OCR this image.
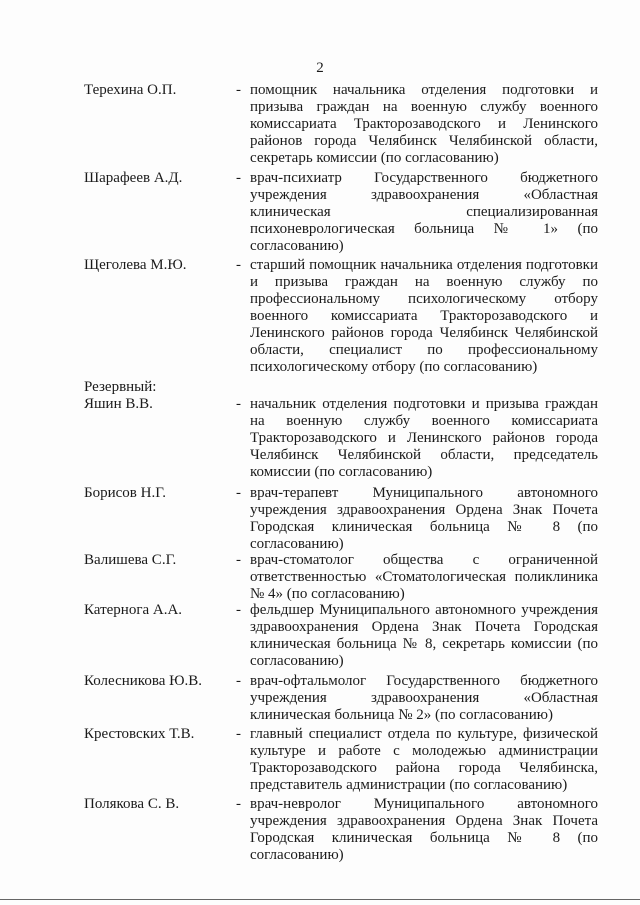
2
Терехина О.П.	- помощник начальника отделения подготовки и призыва граждан на военную службу военного комиссариата Тракторозаводского и Ленинского районов города Челябинск Челябинской области, секретарь комиссии (по согласованию)
Шарафеев А.Д.	- врач-психиатр Государственного бюджетного учреждения здравоохранения «Областная клиническая специализированная психоневрологическая больница № 1» (по согласованию)
Щеголева М.Ю.	- старший помощник начальника отделения подготовки и призыва граждан на военную службу по профессиональному психологическому отбору военного комиссариата Тракторозаводского и Ленинского районов города Челябинск Челябинской области, специалист по профессиональному психологическому отбору (по согласованию)
Резервный:
Яшин В.В.	- начальник отделения подготовки и призыва граждан на военную службу военного комиссариата Тракторозаводского и Ленинского районов города Челябинск Челябинской области, председатель комиссии (по согласованию)
Борисов Н.Г.	- врач-терапевт Муниципального автономного учреждения здравоохранения Ордена Знак Почета Городская клиническая больница № 8 (по согласованию)
Валишева С.Г.	- врач-стоматолог общества с ограниченной ответственностью «Стоматологическая поликлиника № 4» (по согласованию)
Катернога А.А.	- фельдшер Муниципального автономного учреждения здравоохранения Ордена Знак Почета Городская клиническая больница № 8, секретарь комиссии (по согласованию)
Колесникова Ю.В.	- врач-офтальмолог Государственного бюджетного учреждения здравоохранения «Областная клиническая больница № 2» (по согласованию)
Крестовских Т.В.	- главный специалист отдела по культуре, физической культуре и работе с молодежью администрации Тракторозаводского района города Челябинска, представитель администрации (по согласованию)
Полякова С. В.	- врач-невролог Муниципального автономного учреждения здравоохранения Ордена Знак Почета Городская клиническая больница № 8 (по согласованию)
